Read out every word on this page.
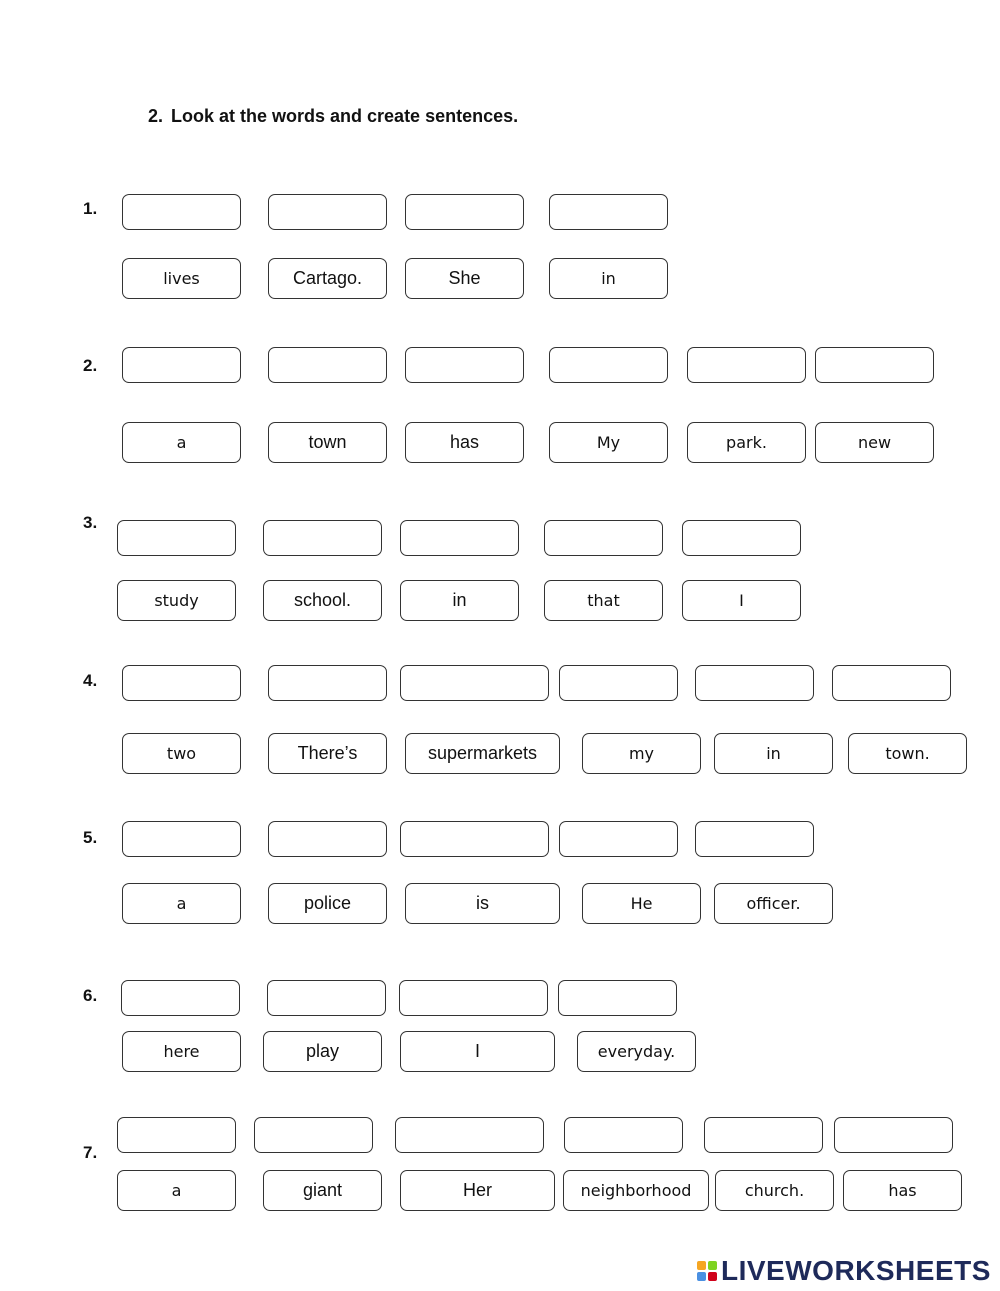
2. Look at the words and create sentences.
1.
lives	Cartago.	She	in
2.
a	town	has	My	park.	new
3.
study	school.	in	that	I
4.
two	There’s	supermarkets	my	in	town.
5.
a	police	is	He	officer.
6.
here	play	I	everyday.
7.
a	giant	Her	neighborhood	church.	has
LIVEWORKSHEETS
